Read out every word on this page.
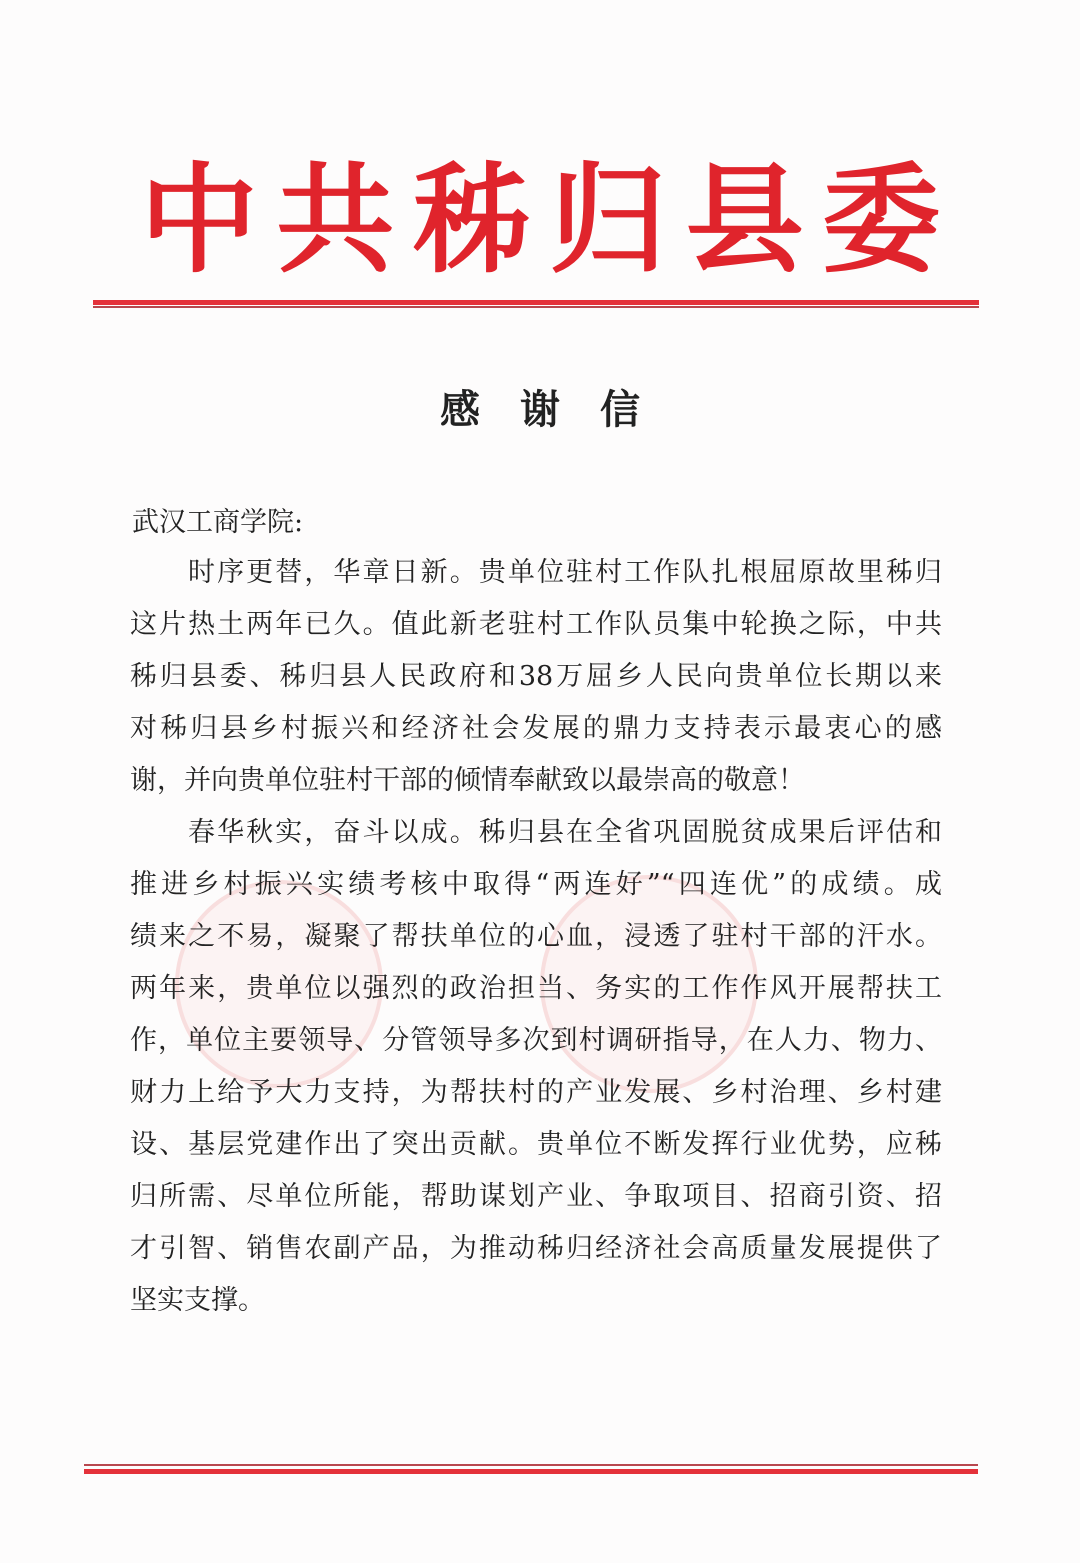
中 共 秭 归 县 委
感谢信
武汉工商学院:
时序更替，华章日新。贵单位驻村工作队扎根屈原故里秭归
这片热土两年已久。值此新老驻村工作队员集中轮换之际，中共
秭归县委、秭归县人民政府和38万屈乡人民向贵单位长期以来
对秭归县乡村振兴和经济社会发展的鼎力支持表示最衷心的感
谢，并向贵单位驻村干部的倾情奉献致以最崇高的敬意！
春华秋实，奋斗以成。秭归县在全省巩固脱贫成果后评估和
推进乡村振兴实绩考核中取得“两连好”“四连优”的成绩。成
绩来之不易，凝聚了帮扶单位的心血，浸透了驻村干部的汗水。
两年来，贵单位以强烈的政治担当、务实的工作作风开展帮扶工
作，单位主要领导、分管领导多次到村调研指导，在人力、物力、
财力上给予大力支持，为帮扶村的产业发展、乡村治理、乡村建
设、基层党建作出了突出贡献。贵单位不断发挥行业优势，应秭
归所需、尽单位所能，帮助谋划产业、争取项目、招商引资、招
才引智、销售农副产品，为推动秭归经济社会高质量发展提供了
坚实支撑。
